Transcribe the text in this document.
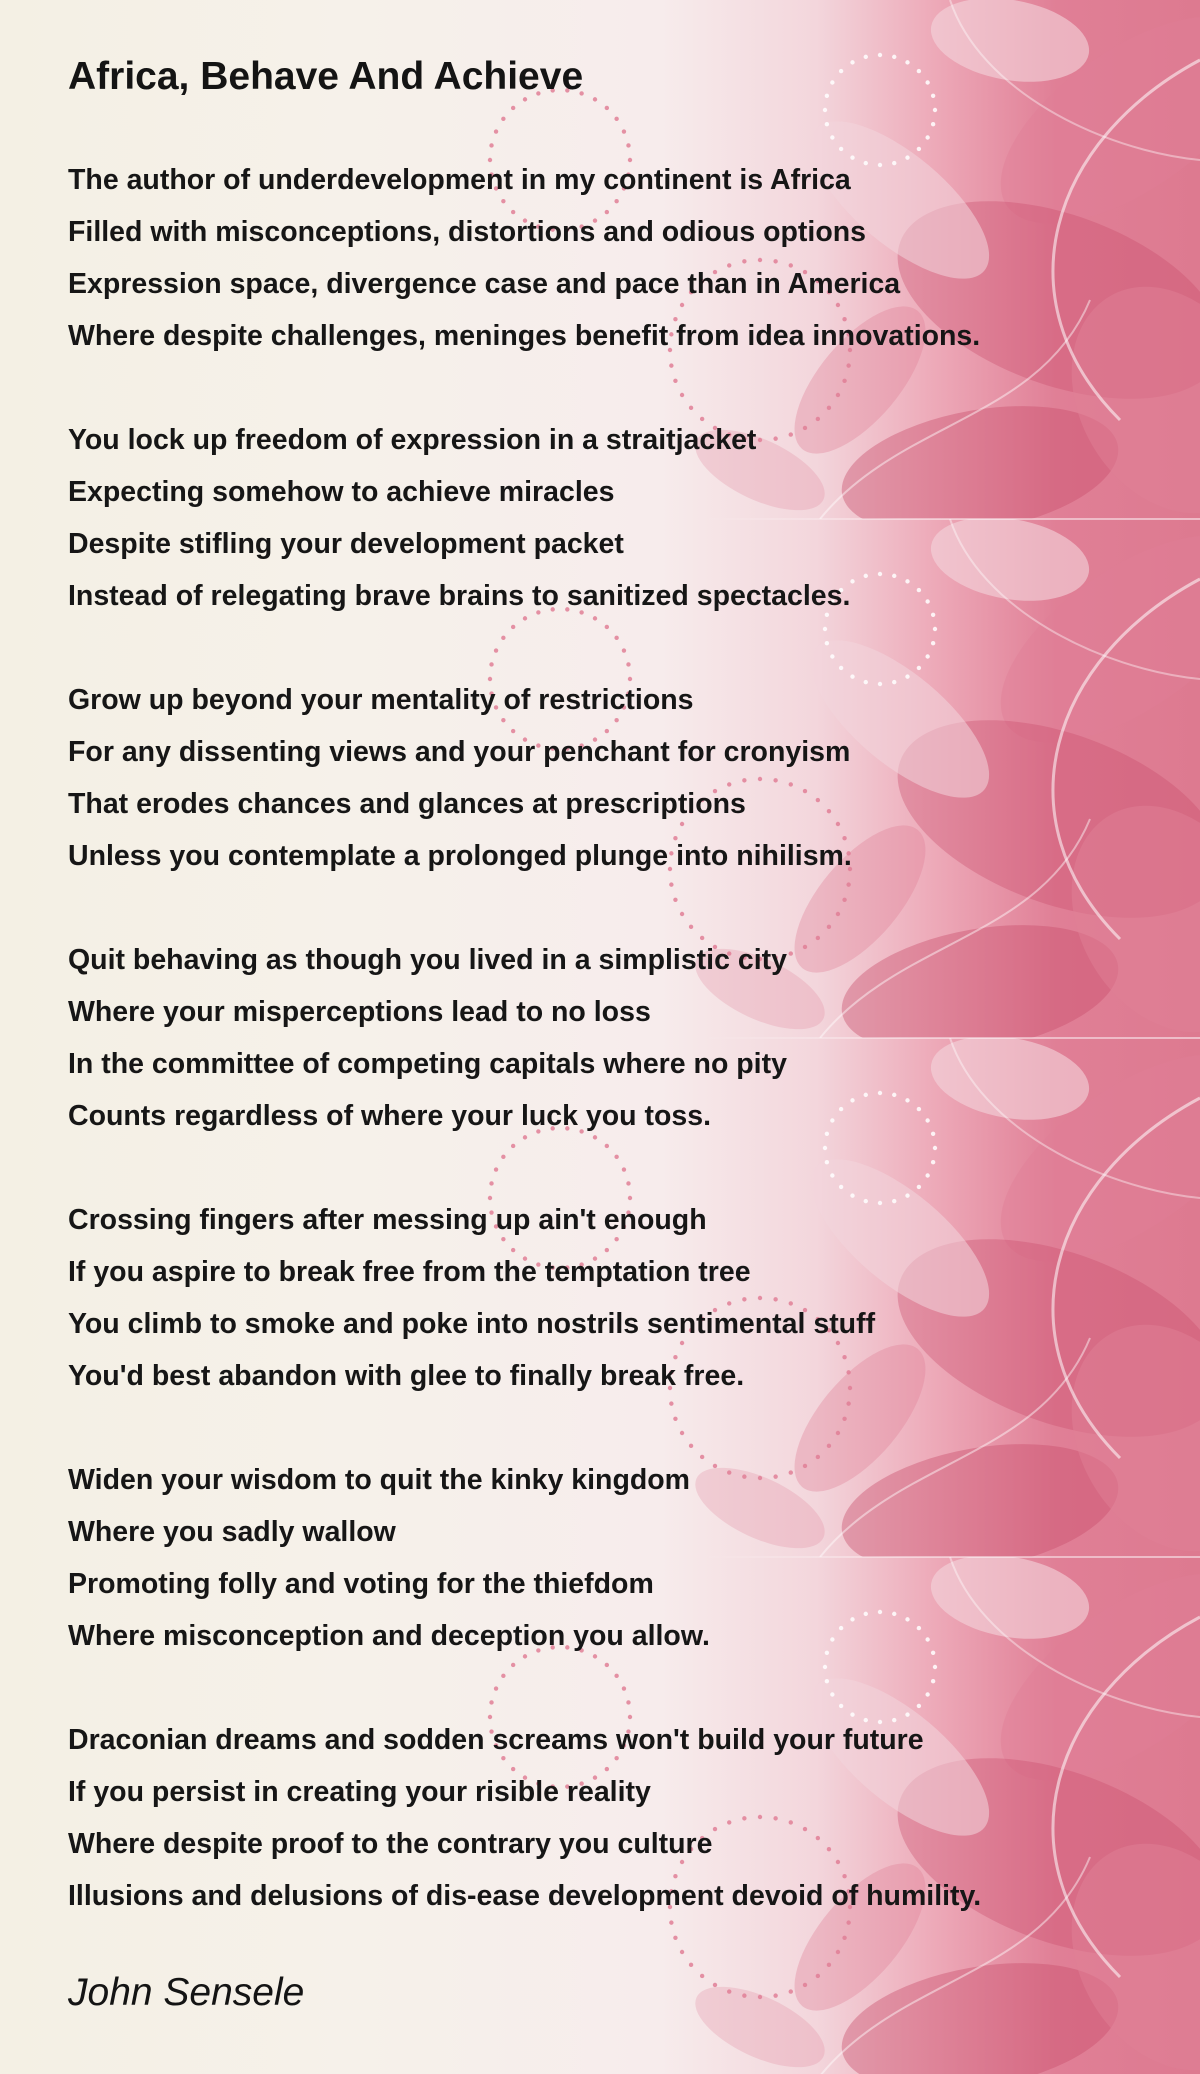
Africa, Behave And Achieve
The author of underdevelopment in my continent is Africa
Filled with misconceptions, distortions and odious options
Expression space, divergence case and pace than in America
Where despite challenges, meninges benefit from idea innovations.
You lock up freedom of expression in a straitjacket
Expecting somehow to achieve miracles
Despite stifling your development packet
Instead of relegating brave brains to sanitized spectacles.
Grow up beyond your mentality of restrictions
For any dissenting views and your penchant for cronyism
That erodes chances and glances at prescriptions
Unless you contemplate a prolonged plunge into nihilism.
Quit behaving as though you lived in a simplistic city
Where your misperceptions lead to no loss
In the committee of competing capitals where no pity
Counts regardless of where your luck you toss.
Crossing fingers after messing up ain't enough
If you aspire to break free from the temptation tree
You climb to smoke and poke into nostrils sentimental stuff
You'd best abandon with glee to finally break free.
Widen your wisdom to quit the kinky kingdom
Where you sadly wallow
Promoting folly and voting for the thiefdom
Where misconception and deception you allow.
Draconian dreams and sodden screams won't build your future
If you persist in creating your risible reality
Where despite proof to the contrary you culture
Illusions and delusions of dis-ease development devoid of humility.
John Sensele
